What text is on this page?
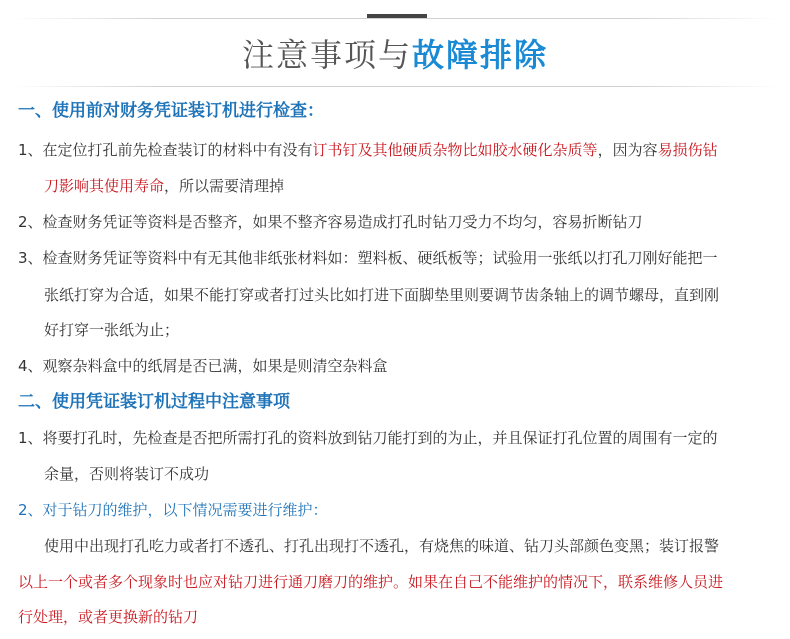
注意事项与故障排除
一、使用前对财务凭证装订机进行检查：

1、在定位打孔前先检查装订的材料中有没有订书钉及其他硬质杂物比如胶水硬化杂质等，因为容易损伤钻

刀影响其使用寿命，所以需要清理掉

2、检查财务凭证等资料是否整齐，如果不整齐容易造成打孔时钻刀受力不均匀，容易折断钻刀

3、检查财务凭证等资料中有无其他非纸张材料如：塑料板、硬纸板等；试验用一张纸以打孔刀刚好能把一

张纸打穿为合适，如果不能打穿或者打过头比如打进下面脚垫里则要调节齿条轴上的调节螺母，直到刚

好打穿一张纸为止；

4、观察杂料盒中的纸屑是否已满，如果是则清空杂料盒

二、使用凭证装订机过程中注意事项

1、将要打孔时，先检查是否把所需打孔的资料放到钻刀能打到的为止，并且保证打孔位置的周围有一定的

余量，否则将装订不成功

2、对于钻刀的维护，以下情况需要进行维护：

使用中出现打孔吃力或者打不透孔、打孔出现打不透孔，有烧焦的味道、钻刀头部颜色变黑；装订报警

以上一个或者多个现象时也应对钻刀进行通刀磨刀的维护。如果在自己不能维护的情况下，联系维修人员进

行处理，或者更换新的钻刀
